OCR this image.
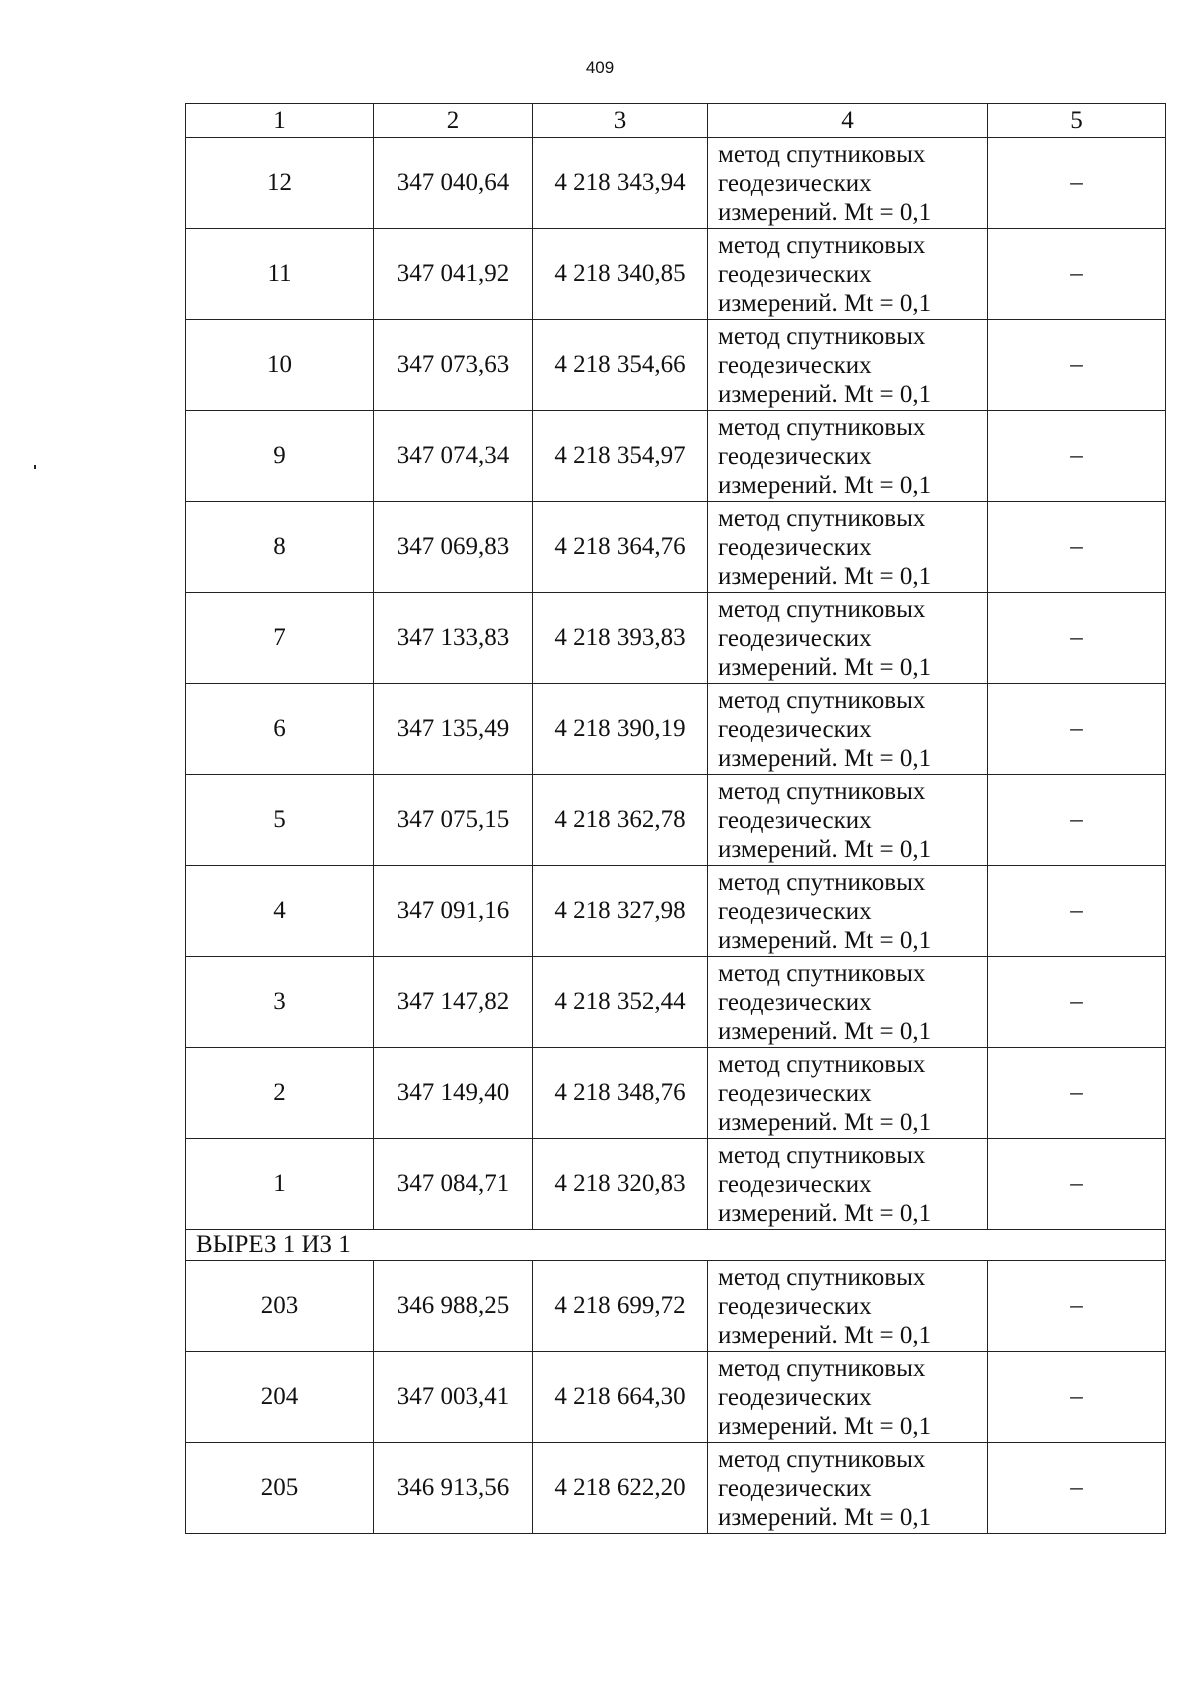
409
1	2	3	4	5
12	347 040,64	4 218 343,94	метод спутниковых геодезических измерений. Mt = 0,1	–
11	347 041,92	4 218 340,85	метод спутниковых геодезических измерений. Mt = 0,1	–
10	347 073,63	4 218 354,66	метод спутниковых геодезических измерений. Mt = 0,1	–
9	347 074,34	4 218 354,97	метод спутниковых геодезических измерений. Mt = 0,1	–
8	347 069,83	4 218 364,76	метод спутниковых геодезических измерений. Mt = 0,1	–
7	347 133,83	4 218 393,83	метод спутниковых геодезических измерений. Mt = 0,1	–
6	347 135,49	4 218 390,19	метод спутниковых геодезических измерений. Mt = 0,1	–
5	347 075,15	4 218 362,78	метод спутниковых геодезических измерений. Mt = 0,1	–
4	347 091,16	4 218 327,98	метод спутниковых геодезических измерений. Mt = 0,1	–
3	347 147,82	4 218 352,44	метод спутниковых геодезических измерений. Mt = 0,1	–
2	347 149,40	4 218 348,76	метод спутниковых геодезических измерений. Mt = 0,1	–
1	347 084,71	4 218 320,83	метод спутниковых геодезических измерений. Mt = 0,1	–
ВЫРЕЗ 1 ИЗ 1				
203	346 988,25	4 218 699,72	метод спутниковых геодезических измерений. Mt = 0,1	–
204	347 003,41	4 218 664,30	метод спутниковых геодезических измерений. Mt = 0,1	–
205	346 913,56	4 218 622,20	метод спутниковых геодезических измерений. Mt = 0,1	–
